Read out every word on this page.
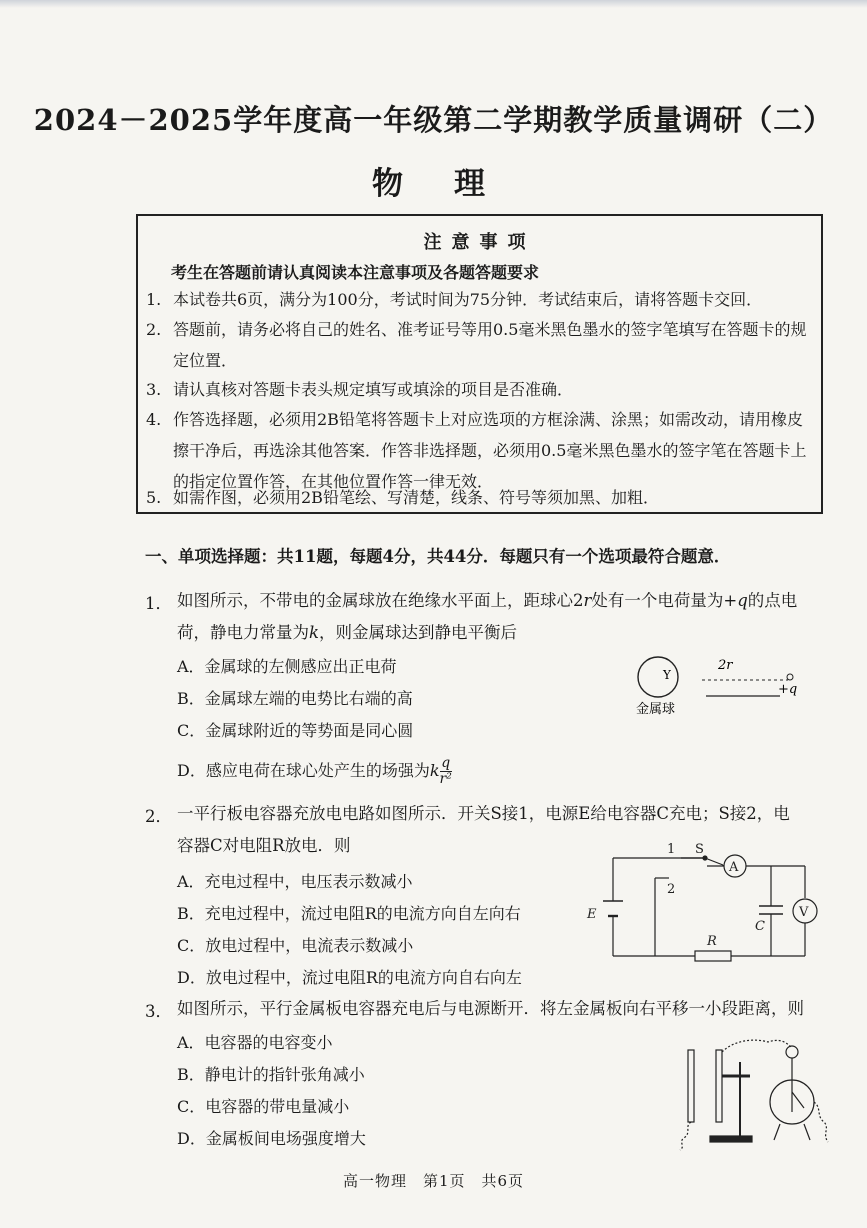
2024－2025学年度高一年级第二学期教学质量调研（二）
物　理
注意事项
考生在答题前请认真阅读本注意事项及各题答题要求
1. 本试卷共6页，满分为100分，考试时间为75分钟．考试结束后，请将答题卡交回．
2. 答题前，请务必将自己的姓名、准考证号等用0.5毫米黑色墨水的签字笔填写在答题卡的规定位置．
3. 请认真核对答题卡表头规定填写或填涂的项目是否准确．
4. 作答选择题，必须用2B铅笔将答题卡上对应选项的方框涂满、涂黑；如需改动，请用橡皮擦干净后，再选涂其他答案．作答非选择题，必须用0.5毫米黑色墨水的签字笔在答题卡上的指定位置作答，在其他位置作答一律无效．
5. 如需作图，必须用2B铅笔绘、写清楚，线条、符号等须加黑、加粗．
一、单项选择题：共11题，每题4分，共44分．每题只有一个选项最符合题意．
1． 如图所示，不带电的金属球放在绝缘水平面上，距球心2r处有一个电荷量为+q的点电荷，静电力常量为k，则金属球达到静电平衡后
A．金属球的左侧感应出正电荷
B．金属球左端的电势比右端的高
C．金属球附近的等势面是同心圆
D．感应电荷在球心处产生的场强为$k\frac{q}{\text{r²}}$
Y
2r
+q
金属球
2． 一平行板电容器充放电电路如图所示．开关S接1，电源E给电容器C充电；S接2，电
容器C对电阻R放电．则
A．充电过程中，电压表示数减小
B．充电过程中，流过电阻R的电流方向自左向右
C．放电过程中，电流表示数减小
D．放电过程中，流过电阻R的电流方向自右向左
1
2
S
A
V
E
C
R
3． 如图所示，平行金属板电容器充电后与电源断开．将左金属板向右平移一小段距离，则
A．电容器的电容变小
B．静电计的指针张角减小
C．电容器的带电量减小
D．金属板间电场强度增大
高一物理　第1页　共6页
